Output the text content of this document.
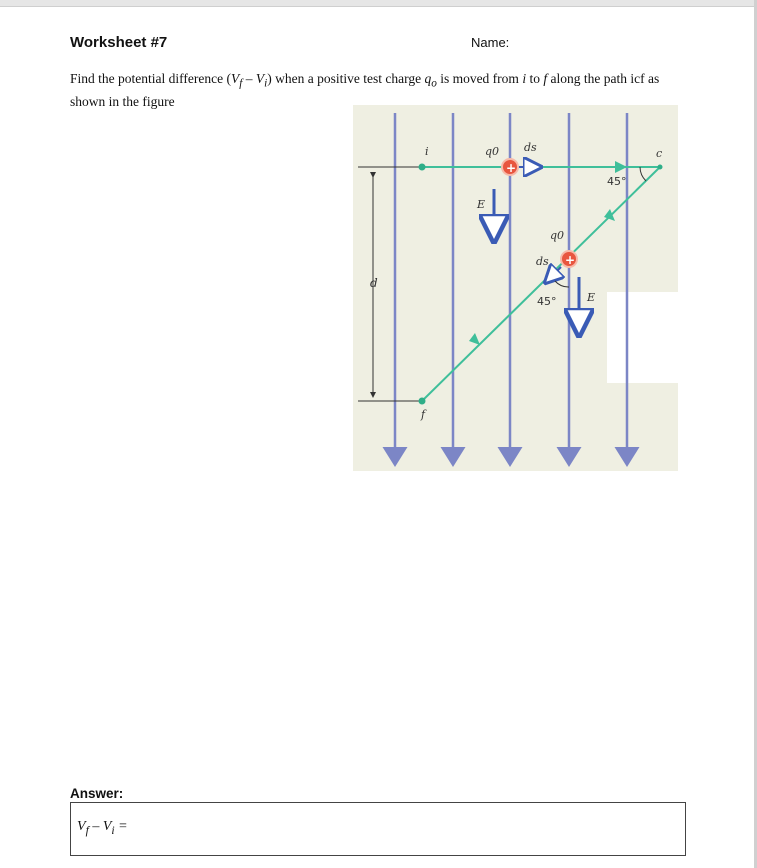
Worksheet #7	Name:
Find the potential difference $(V_f - V_i)$ when a positive test charge $q_o$ is moved from i to f along the path icf as shown in the figure
d
i	c
f
+
q0 ds
E
+
q0
ds
45°
45°	E
Answer:
$V_f - V_i$ =
